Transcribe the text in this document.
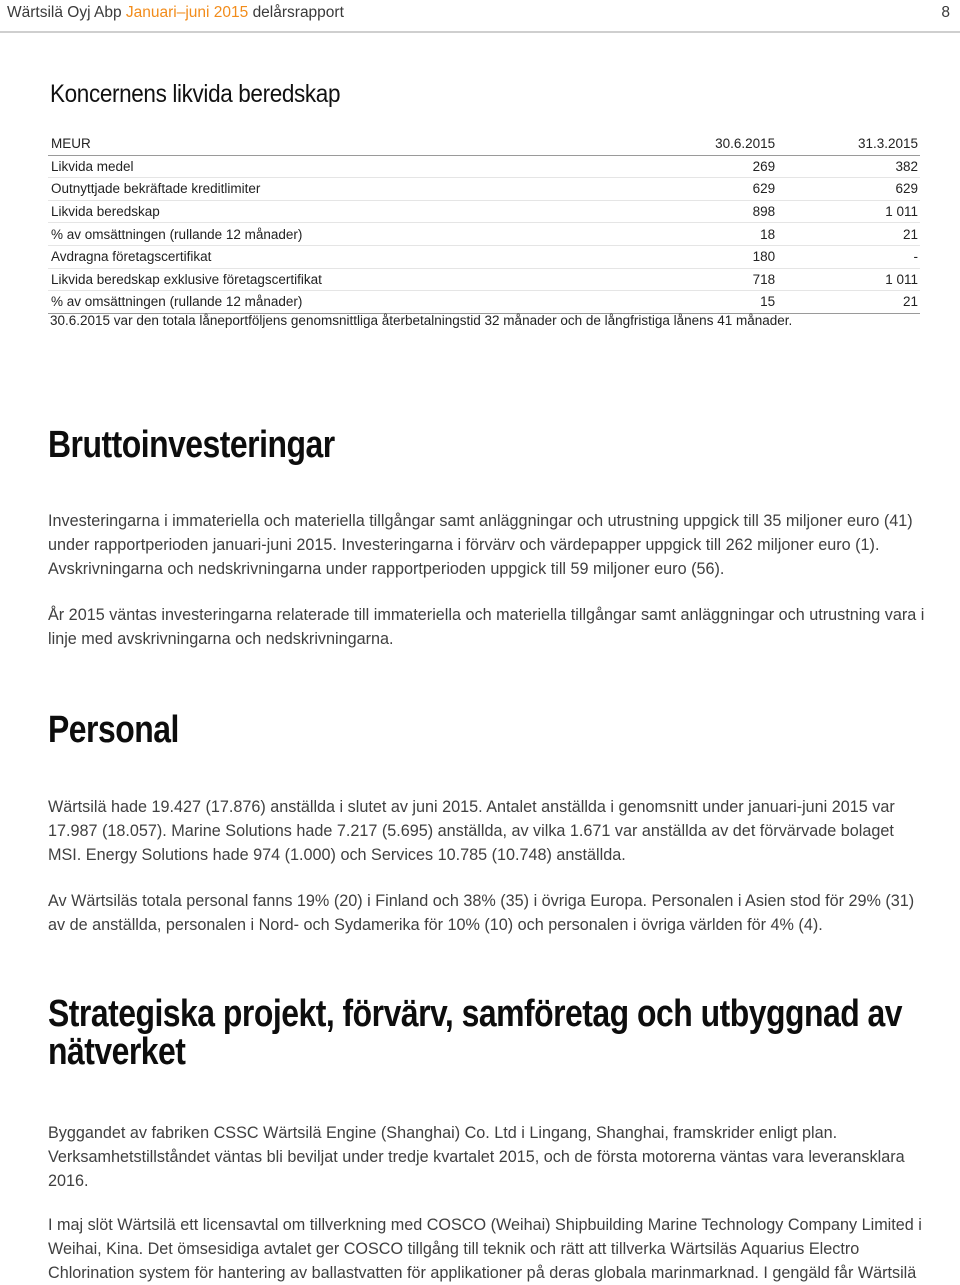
Wärtsilä Oyj Abp Januari–juni 2015 delårsrapport	8
Koncernens likvida beredskap
MEUR	30.6.2015	31.3.2015
Likvida medel	269	382
Outnyttjade bekräftade kreditlimiter	629	629
Likvida beredskap	898	1 011
% av omsättningen (rullande 12 månader)	18	21
Avdragna företagscertifikat	180	-
Likvida beredskap exklusive företagscertifikat	718	1 011
% av omsättningen (rullande 12 månader)	15	21

30.6.2015 var den totala låneportföljens genomsnittliga återbetalningstid 32 månader och de långfristiga lånens 41 månader.

Bruttoinvesteringar

Investeringarna i immateriella och materiella tillgångar samt anläggningar och utrustning uppgick till 35 miljoner euro (41) under rapportperioden januari-juni 2015. Investeringarna i förvärv och värdepapper uppgick till 262 miljoner euro (1). Avskrivningarna och nedskrivningarna under rapportperioden uppgick till 59 miljoner euro (56).

År 2015 väntas investeringarna relaterade till immateriella och materiella tillgångar samt anläggningar och utrustning vara i linje med avskrivningarna och nedskrivningarna.

Personal

Wärtsilä hade 19.427 (17.876) anställda i slutet av juni 2015. Antalet anställda i genomsnitt under januari-juni 2015 var 17.987 (18.057). Marine Solutions hade 7.217 (5.695) anställda, av vilka 1.671 var anställda av det förvärvade bolaget MSI. Energy Solutions hade 974 (1.000) och Services 10.785 (10.748) anställda.

Av Wärtsiläs totala personal fanns 19% (20) i Finland och 38% (35) i övriga Europa. Personalen i Asien stod för 29% (31) av de anställda, personalen i Nord- och Sydamerika för 10% (10) och personalen i övriga världen för 4% (4).

Strategiska projekt, förvärv, samföretag och utbyggnad av nätverket

Byggandet av fabriken CSSC Wärtsilä Engine (Shanghai) Co. Ltd i Lingang, Shanghai, framskrider enligt plan. Verksamhetstillståndet väntas bli beviljat under tredje kvartalet 2015, och de första motorerna väntas vara leveransklara 2016.

I maj slöt Wärtsilä ett licensavtal om tillverkning med COSCO (Weihai) Shipbuilding Marine Technology Company Limited i Weihai, Kina. Det ömsesidiga avtalet ger COSCO tillgång till teknik och rätt att tillverka Wärtsiläs Aquarius Electro Chlorination system för hantering av ballastvatten för applikationer på deras globala marinmarknad. I gengäld får Wärtsilä
